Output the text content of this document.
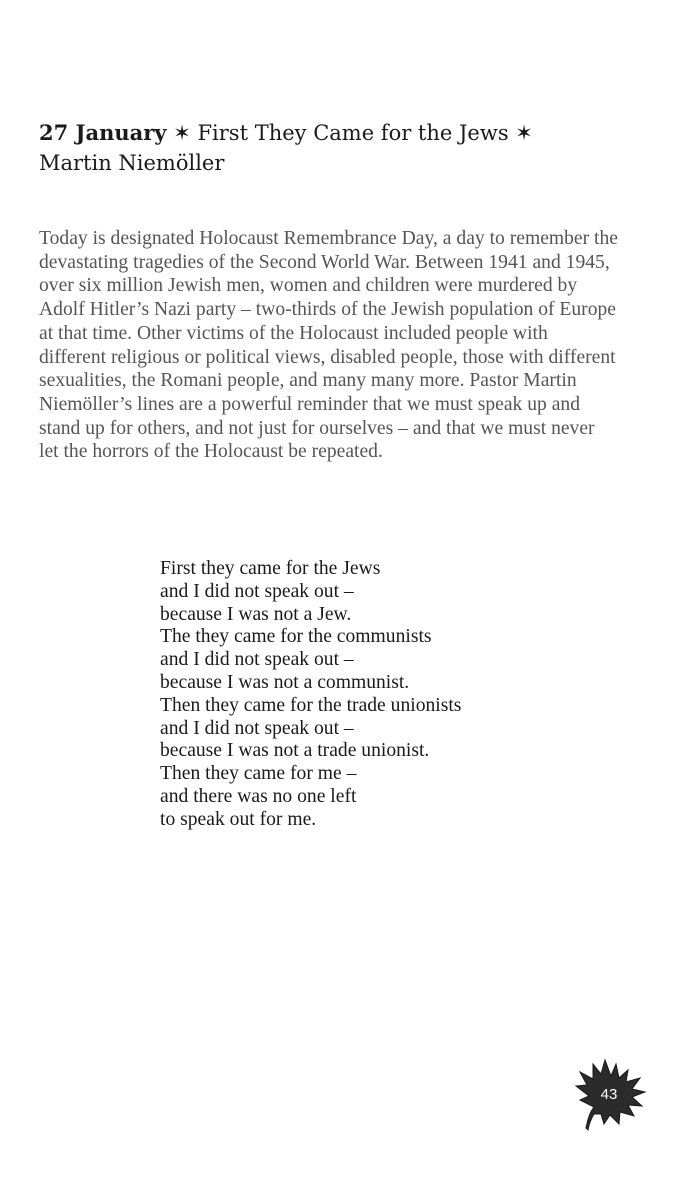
27 January ✶ First They Came for the Jews ✶
Martin Niemöller

Today is designated Holocaust Remembrance Day, a day to remember the devastating tragedies of the Second World War. Between 1941 and 1945, over six million Jewish men, women and children were murdered by Adolf Hitler’s Nazi party – two-thirds of the Jewish population of Europe at that time. Other victims of the Holocaust included people with different religious or political views, disabled people, those with different sexualities, the Romani people, and many many more. Pastor Martin Niemöller’s lines are a powerful reminder that we must speak up and stand up for others, and not just for ourselves – and that we must never let the horrors of the Holocaust be repeated.

First they came for the Jews
and I did not speak out –
because I was not a Jew.
The they came for the communists
and I did not speak out –
because I was not a communist.
Then they came for the trade unionists
and I did not speak out –
because I was not a trade unionist.
Then they came for me –
and there was no one left
to speak out for me.
43
